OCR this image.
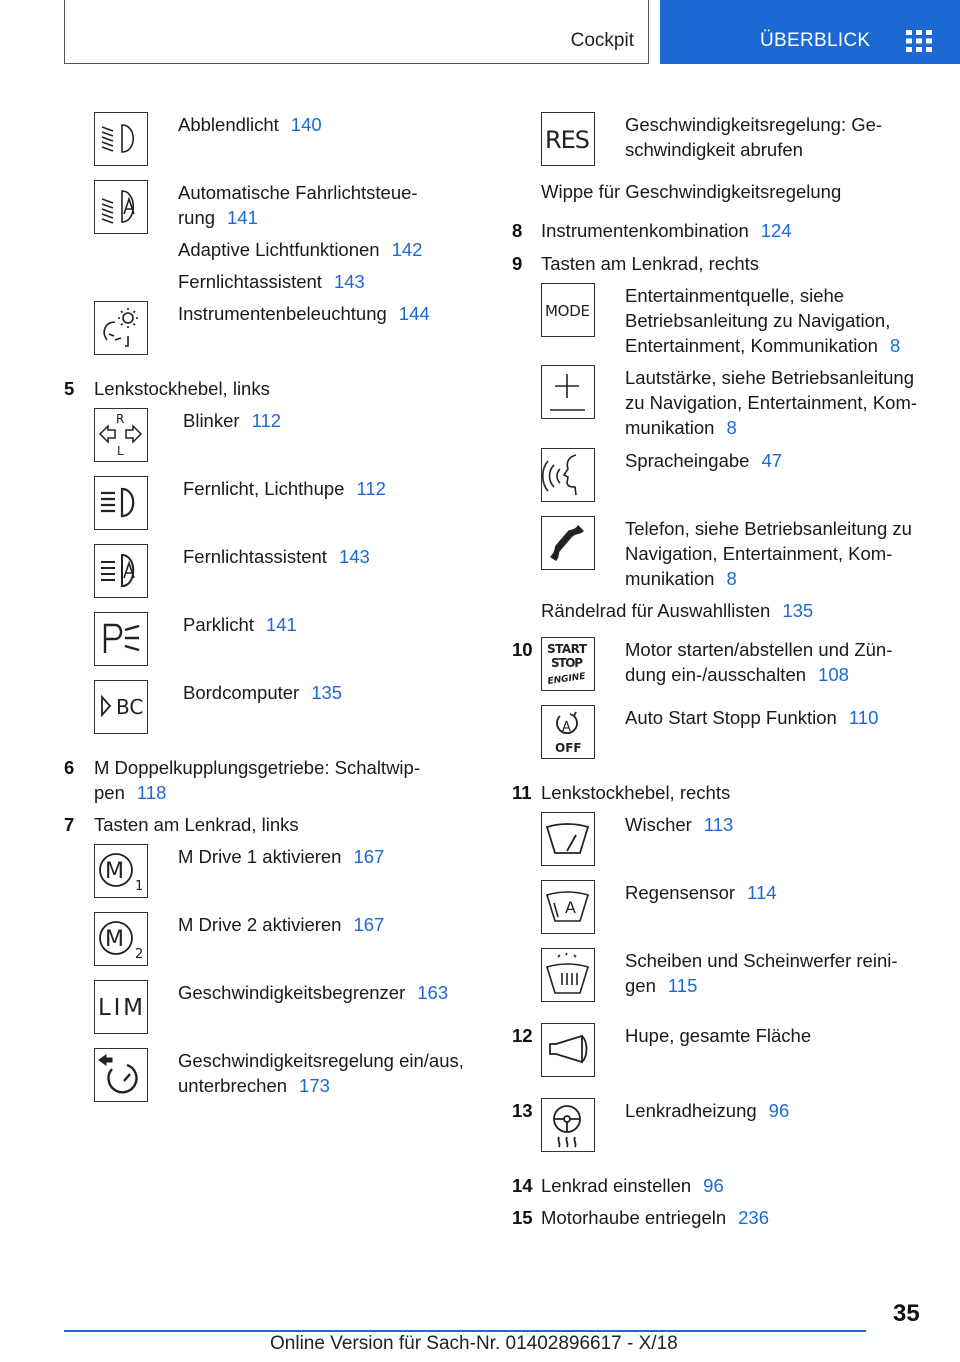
Cockpit	ÜBERBLICK
Abblendlicht 140
Automatische Fahrlichtsteue-
rung 141
Adaptive Lichtfunktionen 142
Fernlichtassistent 143
Instrumentenbeleuchtung 144
5 Lenkstockhebel, links
R
L
Blinker 112
Fernlicht, Lichthupe 112
Fernlichtassistent 143
Parklicht 141
BC
Bordcomputer 135
6 M Doppelkupplungsgetriebe: Schaltwip-
pen 118
7 Tasten am Lenkrad, links
M
1
M Drive 1 aktivieren 167
M
2
M Drive 2 aktivieren 167
LIM
Geschwindigkeitsbegrenzer 163
Geschwindigkeitsregelung ein/aus,
unterbrechen 173
RES
Geschwindigkeitsregelung: Ge-
schwindigkeit abrufen
Wippe für Geschwindigkeitsregelung
8 Instrumentenkombination 124
9 Tasten am Lenkrad, rechts
MODE
Entertainmentquelle, siehe
Betriebsanleitung zu Navigation,
Entertainment, Kommunikation 8
Lautstärke, siehe Betriebsanleitung
zu Navigation, Entertainment, Kom-
munikation 8
Spracheingabe 47
Telefon, siehe Betriebsanleitung zu
Navigation, Entertainment, Kom-
munikation 8
Rändelrad für Auswahllisten 135
10 START
STOP
ENGINE
Motor starten/abstellen und Zün-
dung ein-/ausschalten 108
A
OFF
Auto Start Stopp Funktion 110
11 Lenkstockhebel, rechts
Wischer 113
A
Regensensor 114
Scheiben und Scheinwerfer reini-
gen 115
12	Hupe, gesamte Fläche
13	Lenkradheizung 96
14 Lenkrad einstellen 96
15 Motorhaube entriegeln 236
35
Online Version für Sach-Nr. 01402896617 - X/18
